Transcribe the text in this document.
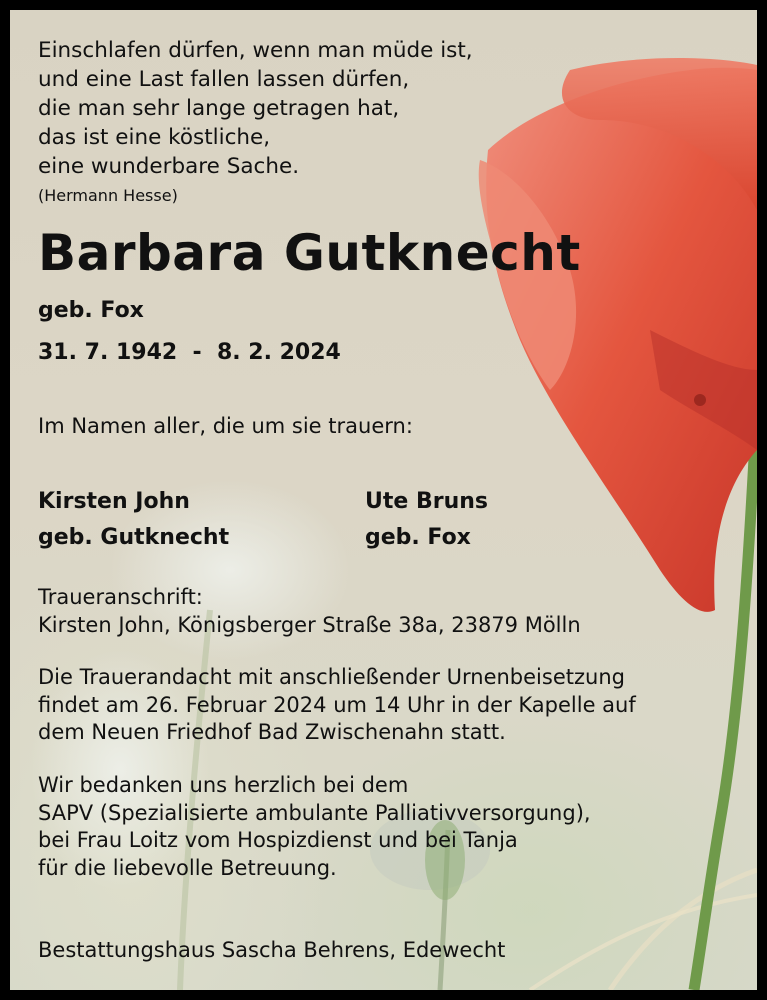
Einschlafen dürfen, wenn man müde ist,
und eine Last fallen lassen dürfen,
die man sehr lange getragen hat,
das ist eine köstliche,
eine wunderbare Sache.
(Hermann Hesse)
Barbara Gutknecht
geb. Fox
31. 7. 1942  -  8. 2. 2024
Im Namen aller, die um sie trauern:
Kirsten John
geb. Gutknecht
Ute Bruns
geb. Fox
Traueranschrift:
Kirsten John, Königsberger Straße 38a, 23879 Mölln
Die Trauerandacht mit anschließender Urnenbeisetzung
findet am 26. Februar 2024 um 14 Uhr in der Kapelle auf
dem Neuen Friedhof Bad Zwischenahn statt.
Wir bedanken uns herzlich bei dem
SAPV (Spezialisierte ambulante Palliativversorgung),
bei Frau Loitz vom Hospizdienst und bei Tanja
für die liebevolle Betreuung.
Bestattungshaus Sascha Behrens, Edewecht
